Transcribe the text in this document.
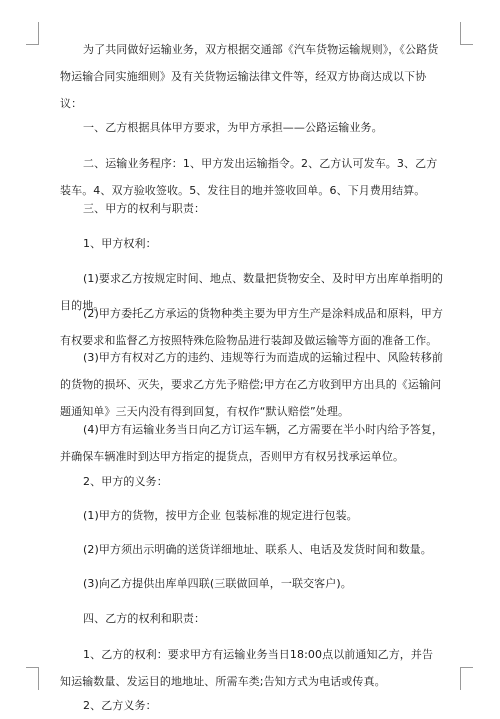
为了共同做好运输业务，双方根据交通部《汽车货物运输规则》，《公路货物运输合同实施细则》及有关货物运输法律文件等，经双方协商达成以下协议：

一、乙方根据具体甲方要求，为甲方承担——公路运输业务。

二、运输业务程序：1、甲方发出运输指令。2、乙方认可发车。3、乙方装车。4、双方验收签收。5、发往目的地并签收回单。6、下月费用结算。

三、甲方的权利与职责：

1、甲方权利：

(1)要求乙方按规定时间、地点、数量把货物安全、及时甲方出库单指明的目的地。

(2)甲方委托乙方承运的货物种类主要为甲方生产是涂料成品和原料，甲方有权要求和监督乙方按照特殊危险物品进行装卸及做运输等方面的准备工作。

(3)甲方有权对乙方的违约、违规等行为而造成的运输过程中、风险转移前的货物的损坏、灭失，要求乙方先予赔偿;甲方在乙方收到甲方出具的《运输问题通知单》三天内没有得到回复，有权作“默认赔偿”处理。

(4)甲方有运输业务当日向乙方订运车辆，乙方需要在半小时内给予答复，并确保车辆准时到达甲方指定的提货点，否则甲方有权另找承运单位。

2、甲方的义务：

(1)甲方的货物，按甲方企业 包装标准的规定进行包装。

(2)甲方须出示明确的送货详细地址、联系人、电话及发货时间和数量。

(3)向乙方提供出库单四联(三联做回单，一联交客户)。

四、乙方的权利和职责：

1、乙方的权利：要求甲方有运输业务当日18:00点以前通知乙方，并告知运输数量、发运目的地地址、所需车类;告知方式为电话或传真。

2、乙方义务：
